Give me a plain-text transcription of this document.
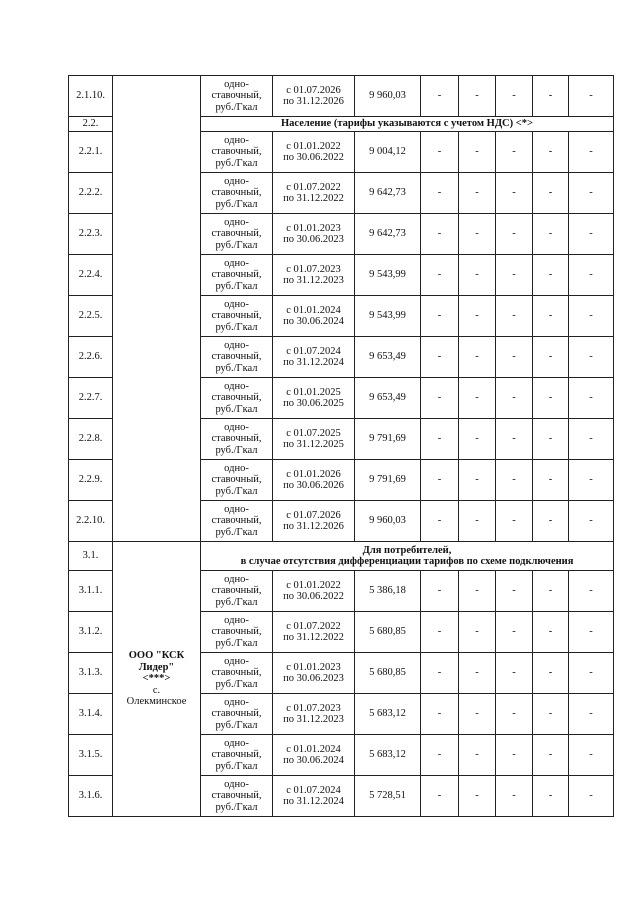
2.1.10.		одно-
ставочный,
руб./Гкал	с 01.07.2026
по 31.12.2026	9 960,03	-	-	-	-	-
2.2.		Население (тарифы указываются с учетом НДС) <*>							
2.2.1.		одно-
ставочный,
руб./Гкал	с 01.01.2022
по 30.06.2022	9 004,12	-	-	-	-	-
2.2.2.		одно-
ставочный,
руб./Гкал	с 01.07.2022
по 31.12.2022	9 642,73	-	-	-	-	-
2.2.3.		одно-
ставочный,
руб./Гкал	с 01.01.2023
по 30.06.2023	9 642,73	-	-	-	-	-
2.2.4.		одно-
ставочный,
руб./Гкал	с 01.07.2023
по 31.12.2023	9 543,99	-	-	-	-	-
2.2.5.		одно-
ставочный,
руб./Гкал	с 01.01.2024
по 30.06.2024	9 543,99	-	-	-	-	-
2.2.6.		одно-
ставочный,
руб./Гкал	с 01.07.2024
по 31.12.2024	9 653,49	-	-	-	-	-
2.2.7.		одно-
ставочный,
руб./Гкал	с 01.01.2025
по 30.06.2025	9 653,49	-	-	-	-	-
2.2.8.		одно-
ставочный,
руб./Гкал	с 01.07.2025
по 31.12.2025	9 791,69	-	-	-	-	-
2.2.9.		одно-
ставочный,
руб./Гкал	с 01.01.2026
по 30.06.2026	9 791,69	-	-	-	-	-
2.2.10.		одно-
ставочный,
руб./Гкал	с 01.07.2026
по 31.12.2026	9 960,03	-	-	-	-	-
3.1.	ООО "КСК
Лидер"
<***>
с.
Олекминское	Для потребителей,
в случае отсутствия дифференциации тарифов по схеме подключения							

3.1.1.		одно-
ставочный,
руб./Гкал	с 01.01.2022
по 30.06.2022	5 386,18	-	-	-	-	-
3.1.2.		одно-
ставочный,
руб./Гкал	с 01.07.2022
по 31.12.2022	5 680,85	-	-	-	-	-
3.1.3.		одно-
ставочный,
руб./Гкал	с 01.01.2023
по 30.06.2023	5 680,85	-	-	-	-	-
3.1.4.		одно-
ставочный,
руб./Гкал	с 01.07.2023
по 31.12.2023	5 683,12	-	-	-	-	-
3.1.5.		одно-
ставочный,
руб./Гкал	с 01.01.2024
по 30.06.2024	5 683,12	-	-	-	-	-
3.1.6.		одно-
ставочный,
руб./Гкал	с 01.07.2024
по 31.12.2024	5 728,51	-	-	-	-	-
